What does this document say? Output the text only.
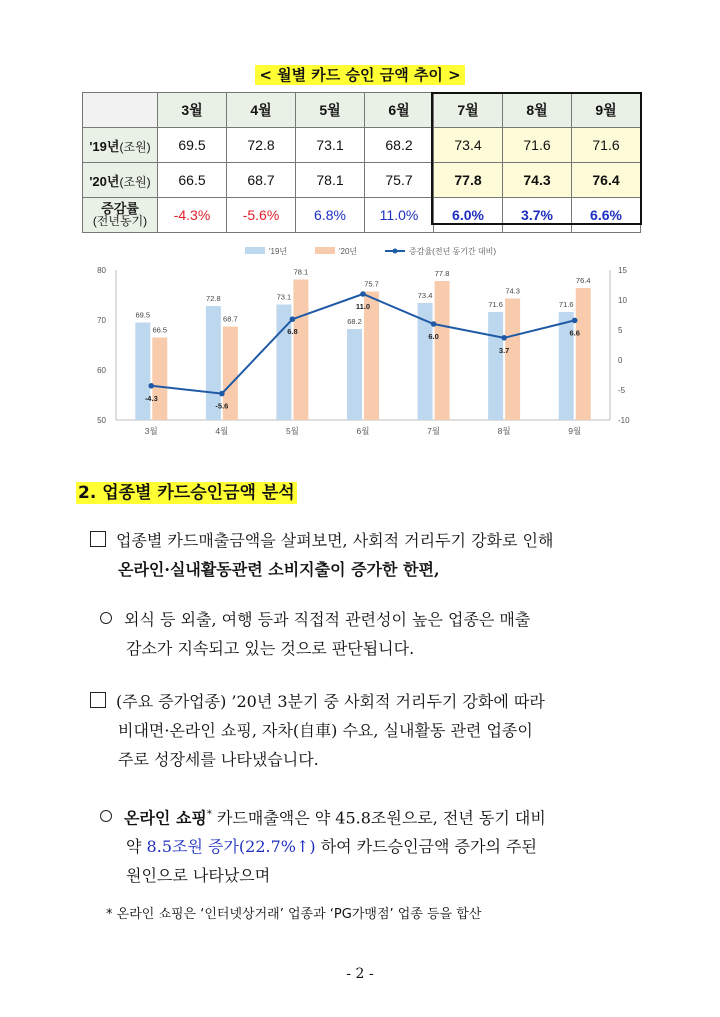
< 월별 카드 승인 금액 추이 >
	3월	4월	5월	6월	7월	8월	9월
'19년(조원)	69.5	72.8	73.1	68.2	73.4	71.6	71.6
'20년(조원)	66.5	68.7	78.1	75.7	77.8	74.3	76.4
증감률
(전년동기)	-4.3%	-5.6%	6.8%	11.0%	6.0%	3.7%	6.6%
50
60
70
80
-10
-5
0
5
10
15
69.5
72.8	73.1
68.2
73.4
71.6	71.6
66.5
68.7
78.1
75.7
77.8
74.3
76.4
3월	4월	5월	6월	7월	8월	9월
-4.3
-5.6
6.8
11.0
6.0
3.7
6.6
'19년	'20년	증감율(전년 동기간 대비)
2. 업종별 카드승인금액 분석
업종별 카드매출금액을 살펴보면, 사회적 거리두기 강화로 인해
온라인·실내활동관련 소비지출이 증가한 한편,
외식 등 외출, 여행 등과 직접적 관련성이 높은 업종은 매출
감소가 지속되고 있는 것으로 판단됩니다.
(주요 증가업종) ’20년 3분기 중 사회적 거리두기 강화에 따라
비대면·온라인 쇼핑, 자차(自車) 수요, 실내활동 관련 업종이
주로 성장세를 나타냈습니다.
온라인 쇼핑* 카드매출액은 약 45.8조원으로, 전년 동기 대비
약 8.5조원 증가(22.7%↑) 하여 카드승인금액 증가의 주된
원인으로 나타났으며
* 온라인 쇼핑은 ‘인터넷상거래’ 업종과 ‘PG가맹점’ 업종 등을 합산
- 2 -
